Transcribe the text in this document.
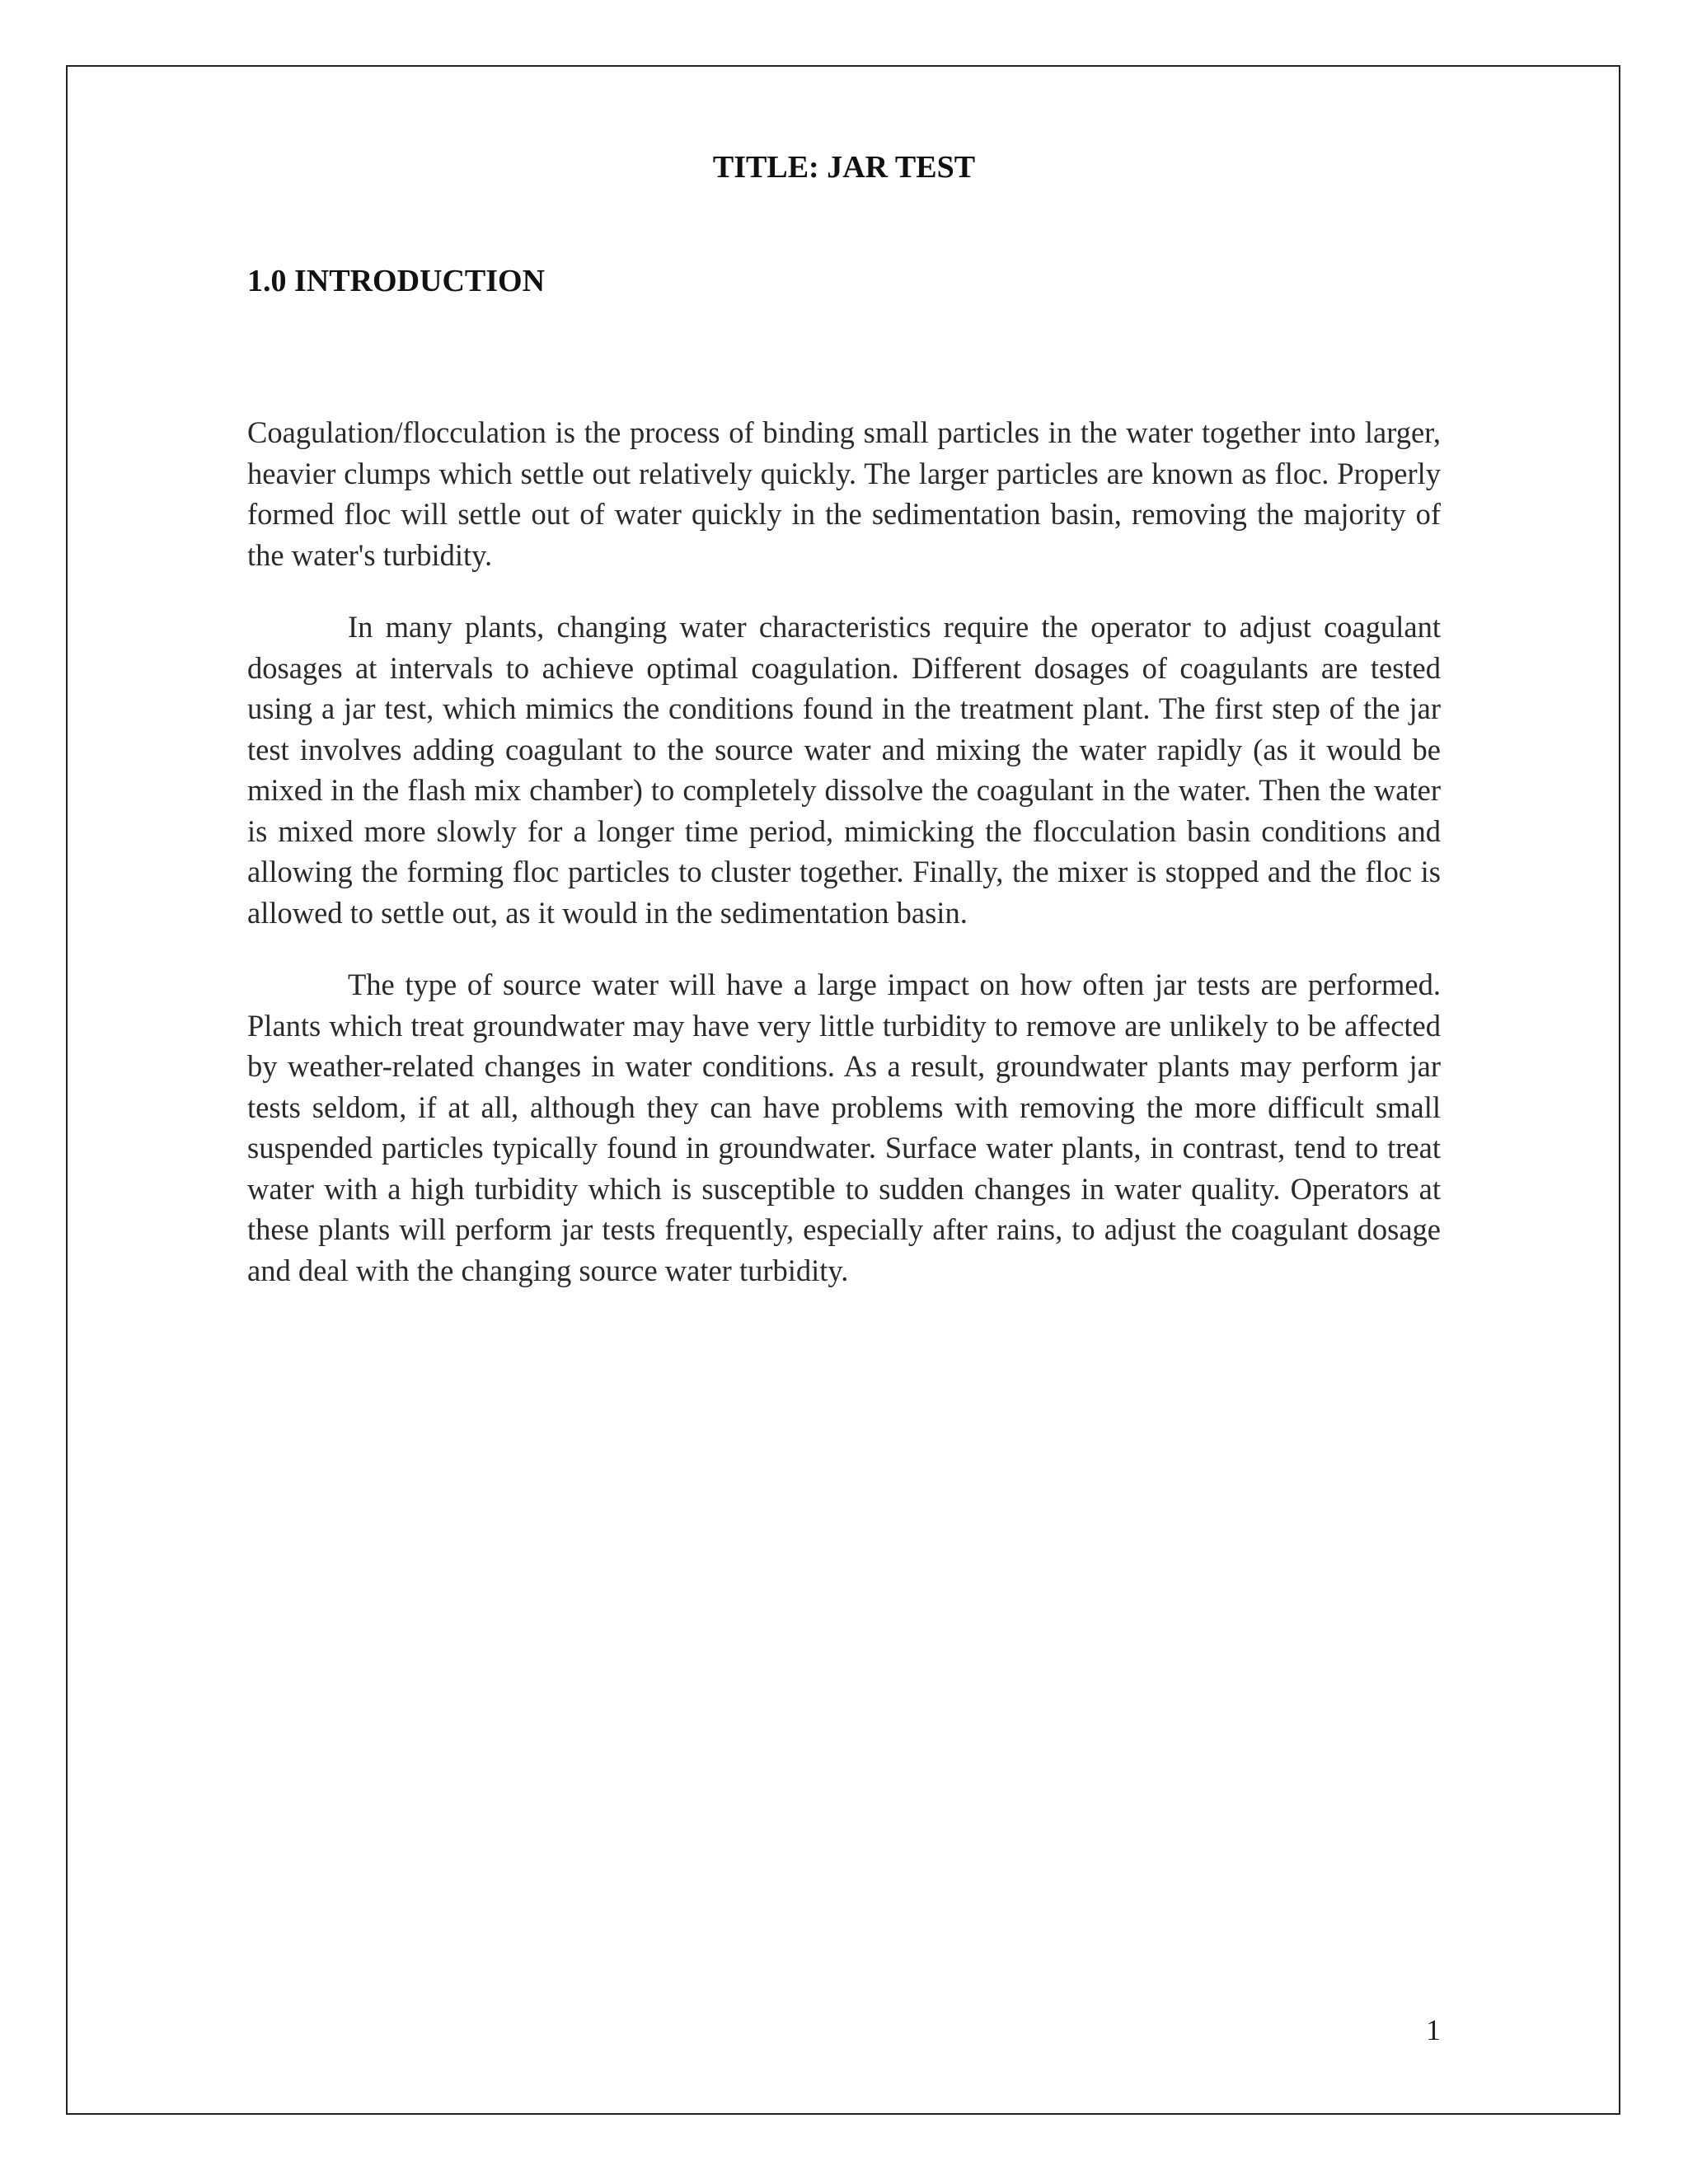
TITLE: JAR TEST
1.0 INTRODUCTION

Coagulation/flocculation is the process of binding small particles in the water together into larger, heavier clumps which settle out relatively quickly. The larger particles are known as floc. Properly formed floc will settle out of water quickly in the sedimentation basin, removing the majority of the water's turbidity.

In many plants, changing water characteristics require the operator to adjust coagulant dosages at intervals to achieve optimal coagulation. Different dosages of coagulants are tested using a jar test, which mimics the conditions found in the treatment plant. The first step of the jar test involves adding coagulant to the source water and mixing the water rapidly (as it would be mixed in the flash mix chamber) to completely dissolve the coagulant in the water. Then the water is mixed more slowly for a longer time period, mimicking the flocculation basin conditions and allowing the forming floc particles to cluster together. Finally, the mixer is stopped and the floc is allowed to settle out, as it would in the sedimentation basin.

The type of source water will have a large impact on how often jar tests are performed. Plants which treat groundwater may have very little turbidity to remove are unlikely to be affected by weather-related changes in water conditions. As a result, groundwater plants may perform jar tests seldom, if at all, although they can have problems with removing the more difficult small suspended particles typically found in groundwater. Surface water plants, in contrast, tend to treat water with a high turbidity which is susceptible to sudden changes in water quality. Operators at these plants will perform jar tests frequently, especially after rains, to adjust the coagulant dosage and deal with the changing source water turbidity.

1
